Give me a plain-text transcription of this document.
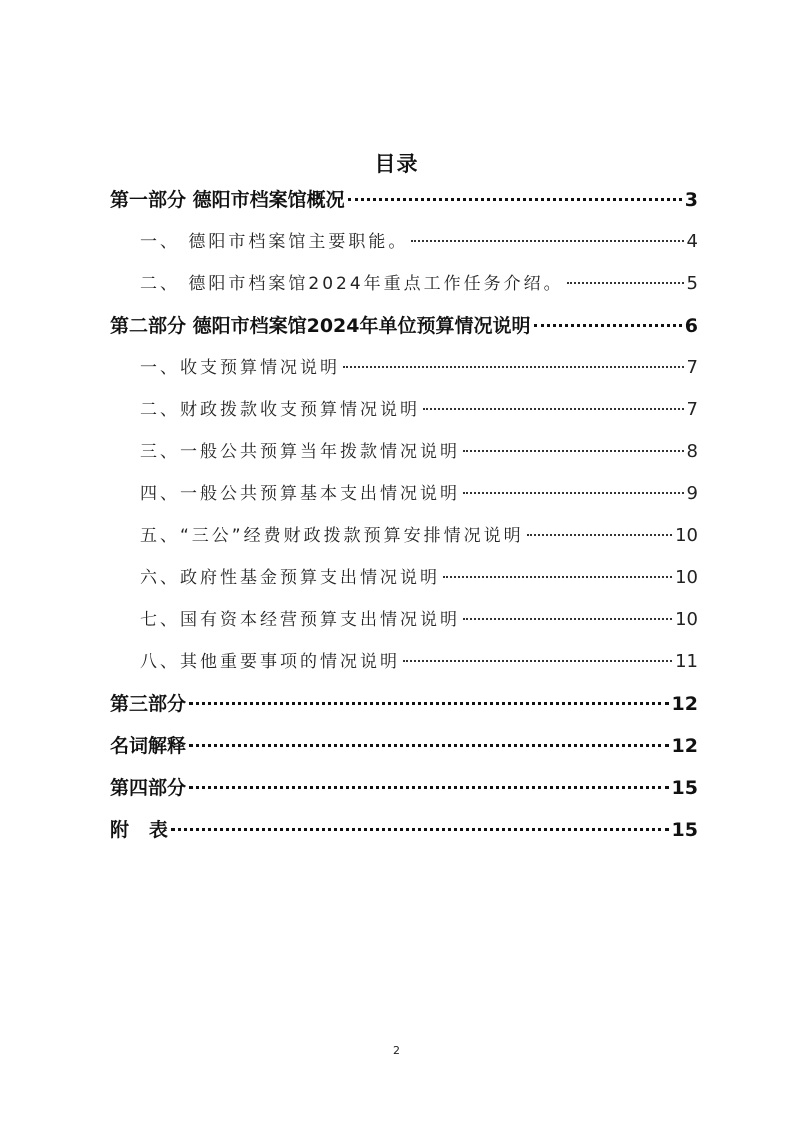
目录
第一部分 德阳市档案馆概况	3
一、 德阳市档案馆主要职能。	4
二、 德阳市档案馆2024年重点工作任务介绍。	5
第二部分 德阳市档案馆2024年单位预算情况说明	6
一、收支预算情况说明	7
二、财政拨款收支预算情况说明	7
三、一般公共预算当年拨款情况说明	8
四、一般公共预算基本支出情况说明	9
五、“三公”经费财政拨款预算安排情况说明	10
六、政府性基金预算支出情况说明	10
七、国有资本经营预算支出情况说明	10
八、其他重要事项的情况说明	11
第三部分	12
名词解释	12
第四部分	15
附   表	15
2
